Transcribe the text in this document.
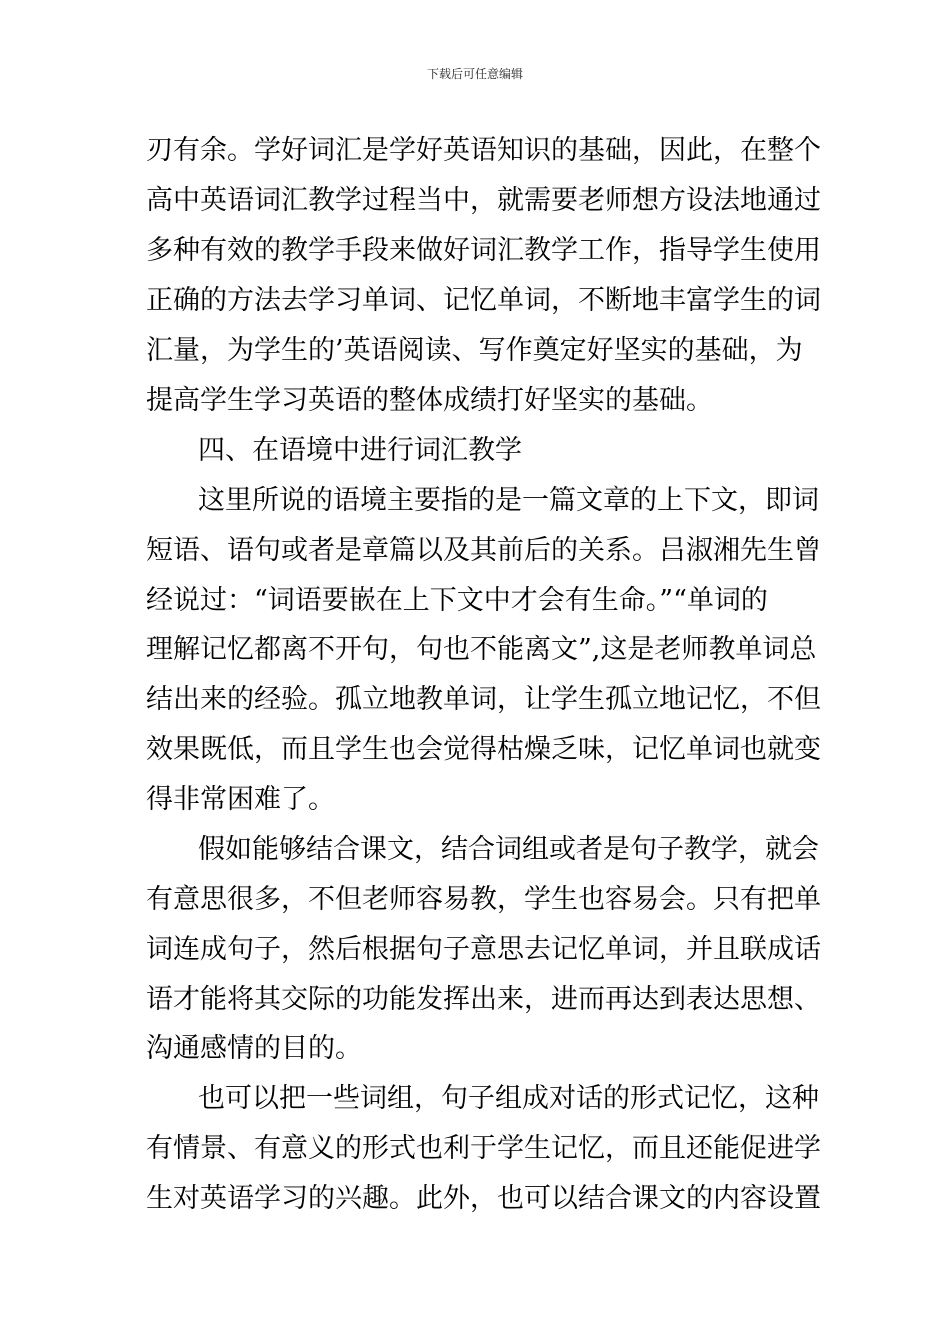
下载后可任意编辑
刃有余。学好词汇是学好英语知识的基础，因此，在整个
高中英语词汇教学过程当中，就需要老师想方设法地通过
多种有效的教学手段来做好词汇教学工作，指导学生使用
正确的方法去学习单词、记忆单词，不断地丰富学生的词
汇量，为学生的’英语阅读、写作奠定好坚实的基础，为
提高学生学习英语的整体成绩打好坚实的基础。
四、在语境中进行词汇教学
这里所说的语境主要指的是一篇文章的上下文，即词
短语、语句或者是章篇以及其前后的关系。吕淑湘先生曾
经说过：“词语要嵌在上下文中才会有生命。”“单词的
理解记忆都离不开句，句也不能离文”,这是老师教单词总
结出来的经验。孤立地教单词，让学生孤立地记忆，不但
效果既低，而且学生也会觉得枯燥乏味，记忆单词也就变
得非常困难了。
假如能够结合课文，结合词组或者是句子教学，就会
有意思很多，不但老师容易教，学生也容易会。只有把单
词连成句子，然后根据句子意思去记忆单词，并且联成话
语才能将其交际的功能发挥出来，进而再达到表达思想、
沟通感情的目的。
也可以把一些词组，句子组成对话的形式记忆，这种
有情景、有意义的形式也利于学生记忆，而且还能促进学
生对英语学习的兴趣。此外，也可以结合课文的内容设置
